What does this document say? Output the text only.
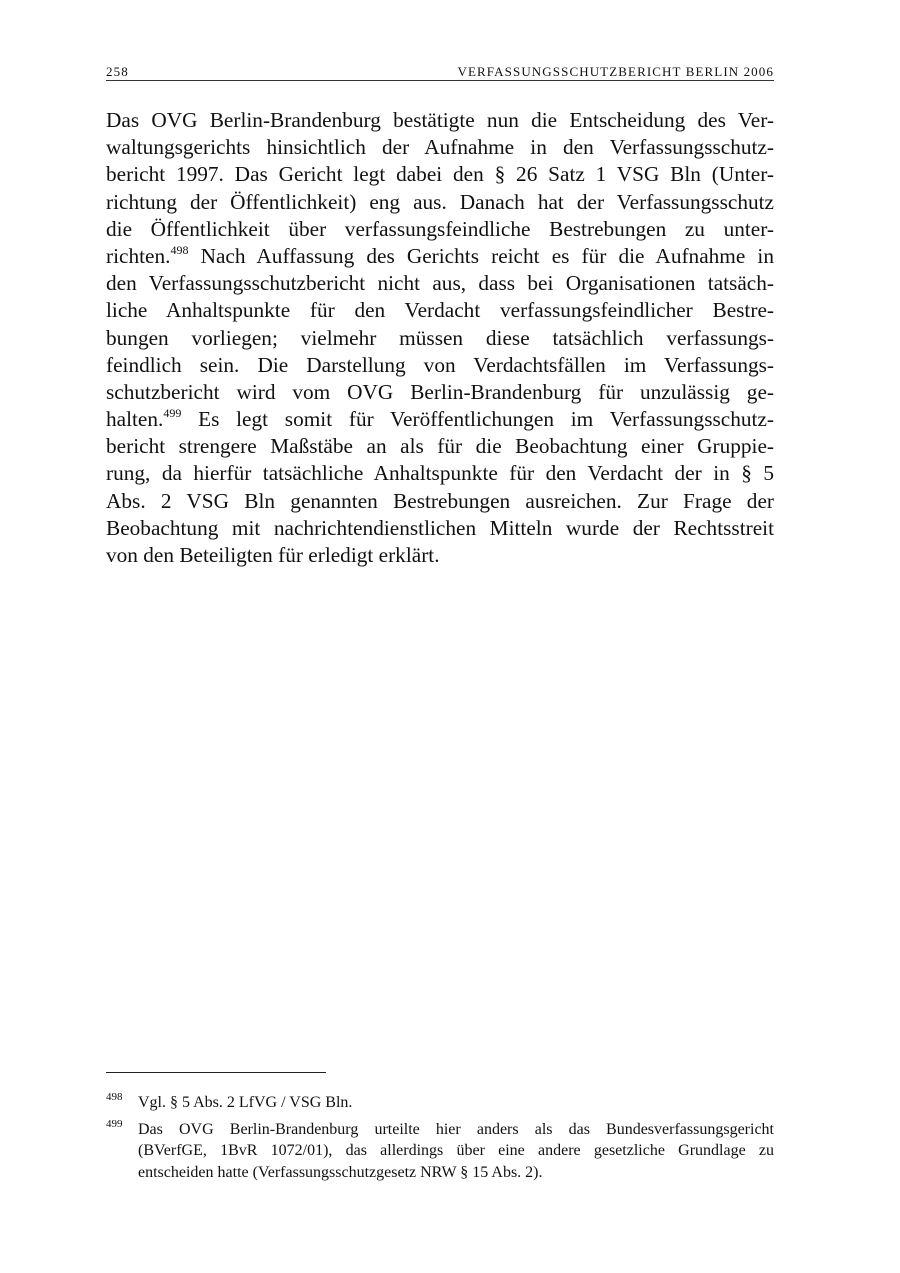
258	VERFASSUNGSSCHUTZBERICHT BERLIN 2006
Das OVG Berlin-Brandenburg bestätigte nun die Entscheidung des Ver-
waltungsgerichts hinsichtlich der Aufnahme in den Verfassungsschutz-
bericht 1997. Das Gericht legt dabei den § 26 Satz 1 VSG Bln (Unter-
richtung der Öffentlichkeit) eng aus. Danach hat der Verfassungsschutz
die Öffentlichkeit über verfassungsfeindliche Bestrebungen zu unter-
richten.$^{498}$ Nach Auffassung des Gerichts reicht es für die Aufnahme in
den Verfassungsschutzbericht nicht aus, dass bei Organisationen tatsäch-
liche Anhaltspunkte für den Verdacht verfassungsfeindlicher Bestre-
bungen vorliegen; vielmehr müssen diese tatsächlich verfassungs-
feindlich sein. Die Darstellung von Verdachtsfällen im Verfassungs-
schutzbericht wird vom OVG Berlin-Brandenburg für unzulässig ge-
halten.$^{499}$ Es legt somit für Veröffentlichungen im Verfassungsschutz-
bericht strengere Maßstäbe an als für die Beobachtung einer Gruppie-
rung, da hierfür tatsächliche Anhaltspunkte für den Verdacht der in § 5
Abs. 2 VSG Bln genannten Bestrebungen ausreichen. Zur Frage der
Beobachtung mit nachrichtendienstlichen Mitteln wurde der Rechtsstreit
von den Beteiligten für erledigt erklärt.
498 Vgl. § 5 Abs. 2 LfVG / VSG Bln.
499 Das OVG Berlin-Brandenburg urteilte hier anders als das Bundesverfassungsgericht
(BVerfGE, 1BvR 1072/01), das allerdings über eine andere gesetzliche Grundlage zu
entscheiden hatte (Verfassungsschutzgesetz NRW § 15 Abs. 2).
